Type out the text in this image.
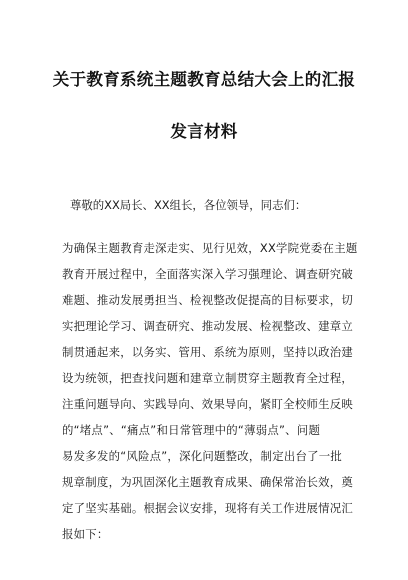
关于教育系统主题教育总结大会上的汇报
发言材料
尊敬的XX局长、XX组长，各位领导，同志们：
为确保主题教育走深走实、见行见效，XX学院党委在主题
教育开展过程中，全面落实深入学习强理论、调查研究破
难题、推动发展勇担当、检视整改促提高的目标要求，切
实把理论学习、调查研究、推动发展、检视整改、建章立
制贯通起来，以务实、管用、系统为原则，坚持以政治建
设为统领，把查找问题和建章立制贯穿主题教育全过程，
注重问题导向、实践导向、效果导向，紧盯全校师生反映
的“堵点”、“痛点”和日常管理中的“薄弱点”、问题
易发多发的“风险点”，深化问题整改，制定出台了一批
规章制度，为巩固深化主题教育成果、确保常治长效，奠
定了坚实基础。根据会议安排，现将有关工作进展情况汇
报如下：
